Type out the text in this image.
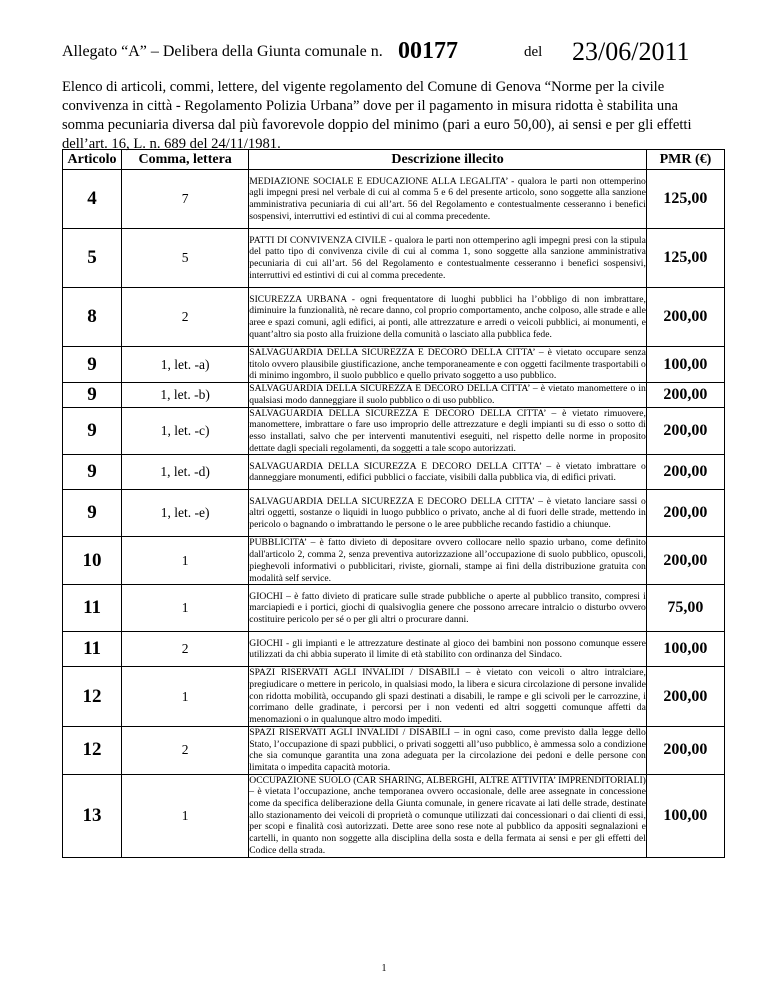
Allegato “A” – Delibera della Giunta comunale n. 00177	del 23/06/2011

Elenco di articoli, commi, lettere, del vigente regolamento del Comune di Genova “Norme per la civile convivenza in città - Regolamento Polizia Urbana” dove per il pagamento in misura ridotta è stabilita una somma pecuniaria diversa dal più favorevole doppio del minimo (pari a euro 50,00), ai sensi e per gli effetti dell’art. 16, L. n. 689 del 24/11/1981.

Articolo	Comma, lettera	Descrizione illecito	PMR (€)
4	7	MEDIAZIONE SOCIALE E EDUCAZIONE ALLA LEGALITA’ - qualora le parti non ottemperino agli impegni presi nel verbale di cui al comma 5 e 6 del presente articolo, sono soggette alla sanzione amministrativa pecuniaria di cui all’art. 56 del Regolamento e contestualmente cesseranno i benefici sospensivi, interruttivi ed estintivi di cui al comma precedente.	125,00
5	5	PATTI DI CONVIVENZA CIVILE - qualora le parti non ottemperino agli impegni presi con la stipula del patto tipo di convivenza civile di cui al comma 1, sono soggette alla sanzione amministrativa pecuniaria di cui all’art. 56 del Regolamento e contestualmente cesseranno i benefici sospensivi, interruttivi ed estintivi di cui al comma precedente.	125,00
8	2	SICUREZZA URBANA - ogni frequentatore di luoghi pubblici ha l’obbligo di non imbrattare, diminuire la funzionalità, nè recare danno, col proprio comportamento, anche colposo, alle strade e alle aree e spazi comuni, agli edifici, ai ponti, alle attrezzature e arredi o veicoli pubblici, ai monumenti, e quant’altro sia posto alla fruizione della comunità o lasciato alla pubblica fede.	200,00
9	1, let. -a)	SALVAGUARDIA DELLA SICUREZZA E DECORO DELLA CITTA’ – è vietato occupare senza titolo ovvero plausibile giustificazione, anche temporaneamente e con oggetti facilmente trasportabili o di minimo ingombro, il suolo pubblico e quello privato soggetto a uso pubblico.	100,00
9	1, let. -b)	SALVAGUARDIA DELLA SICUREZZA E DECORO DELLA CITTA’ – è vietato manomettere o in qualsiasi modo danneggiare il suolo pubblico o di uso pubblico.	200,00
9	1, let. -c)	SALVAGUARDIA DELLA SICUREZZA E DECORO DELLA CITTA’ – è vietato rimuovere, manomettere, imbrattare o fare uso improprio delle attrezzature e degli impianti su di esso o sotto di esso installati, salvo che per interventi manutentivi eseguiti, nel rispetto delle norme in proposito dettate dagli speciali regolamenti, da soggetti a tale scopo autorizzati.	200,00
9	1, let. -d)	SALVAGUARDIA DELLA SICUREZZA E DECORO DELLA CITTA’ – è vietato imbrattare o danneggiare monumenti, edifici pubblici o facciate, visibili dalla pubblica via, di edifici privati.	200,00
9	1, let. -e)	SALVAGUARDIA DELLA SICUREZZA E DECORO DELLA CITTA’ – è vietato lanciare sassi o altri oggetti, sostanze o liquidi in luogo pubblico o privato, anche al di fuori delle strade, mettendo in pericolo o bagnando o imbrattando le persone o le aree pubbliche recando fastidio a chiunque.	200,00
10	1	PUBBLICITA’ – è fatto divieto di depositare ovvero collocare nello spazio urbano, come definito dall'articolo 2, comma 2, senza preventiva autorizzazione all’occupazione di suolo pubblico, opuscoli, pieghevoli informativi o pubblicitari, riviste, giornali, stampe ai fini della distribuzione gratuita con modalità self service.	200,00
11	1	GIOCHI – è fatto divieto di praticare sulle strade pubbliche o aperte al pubblico transito, compresi i marciapiedi e i portici, giochi di qualsivoglia genere che possono arrecare intralcio o disturbo ovvero costituire pericolo per sé o per gli altri o procurare danni.	75,00
11	2	GIOCHI - gli impianti e le attrezzature destinate al gioco dei bambini non possono comunque essere utilizzati da chi abbia superato il limite di età stabilito con ordinanza del Sindaco.	100,00
12	1	SPAZI RISERVATI AGLI INVALIDI / DISABILI – è vietato con veicoli o altro intralciare, pregiudicare o mettere in pericolo, in qualsiasi modo, la libera e sicura circolazione di persone invalide con ridotta mobilità, occupando gli spazi destinati a disabili, le rampe e gli scivoli per le carrozzine, i corrimano delle gradinate, i percorsi per i non vedenti ed altri soggetti comunque affetti da menomazioni o in qualunque altro modo impediti.	200,00
12	2	SPAZI RISERVATI AGLI INVALIDI / DISABILI – in ogni caso, come previsto dalla legge dello Stato, l’occupazione di spazi pubblici, o privati soggetti all’uso pubblico, è ammessa solo a condizione che sia comunque garantita una zona adeguata per la circolazione dei pedoni e delle persone con limitata o impedita capacità motoria.	200,00
13	1	OCCUPAZIONE SUOLO (CAR SHARING, ALBERGHI, ALTRE ATTIVITA’ IMPRENDITORIALI) – è vietata l’occupazione, anche temporanea ovvero occasionale, delle aree assegnate in concessione come da specifica deliberazione della Giunta comunale, in genere ricavate ai lati delle strade, destinate allo stazionamento dei veicoli di proprietà o comunque utilizzati dai concessionari o dai clienti di essi, per scopi e finalità così autorizzati. Dette aree sono rese note al pubblico da appositi segnalazioni e cartelli, in quanto non soggette alla disciplina della sosta e della fermata ai sensi e per gli effetti del Codice della strada.	100,00
1
